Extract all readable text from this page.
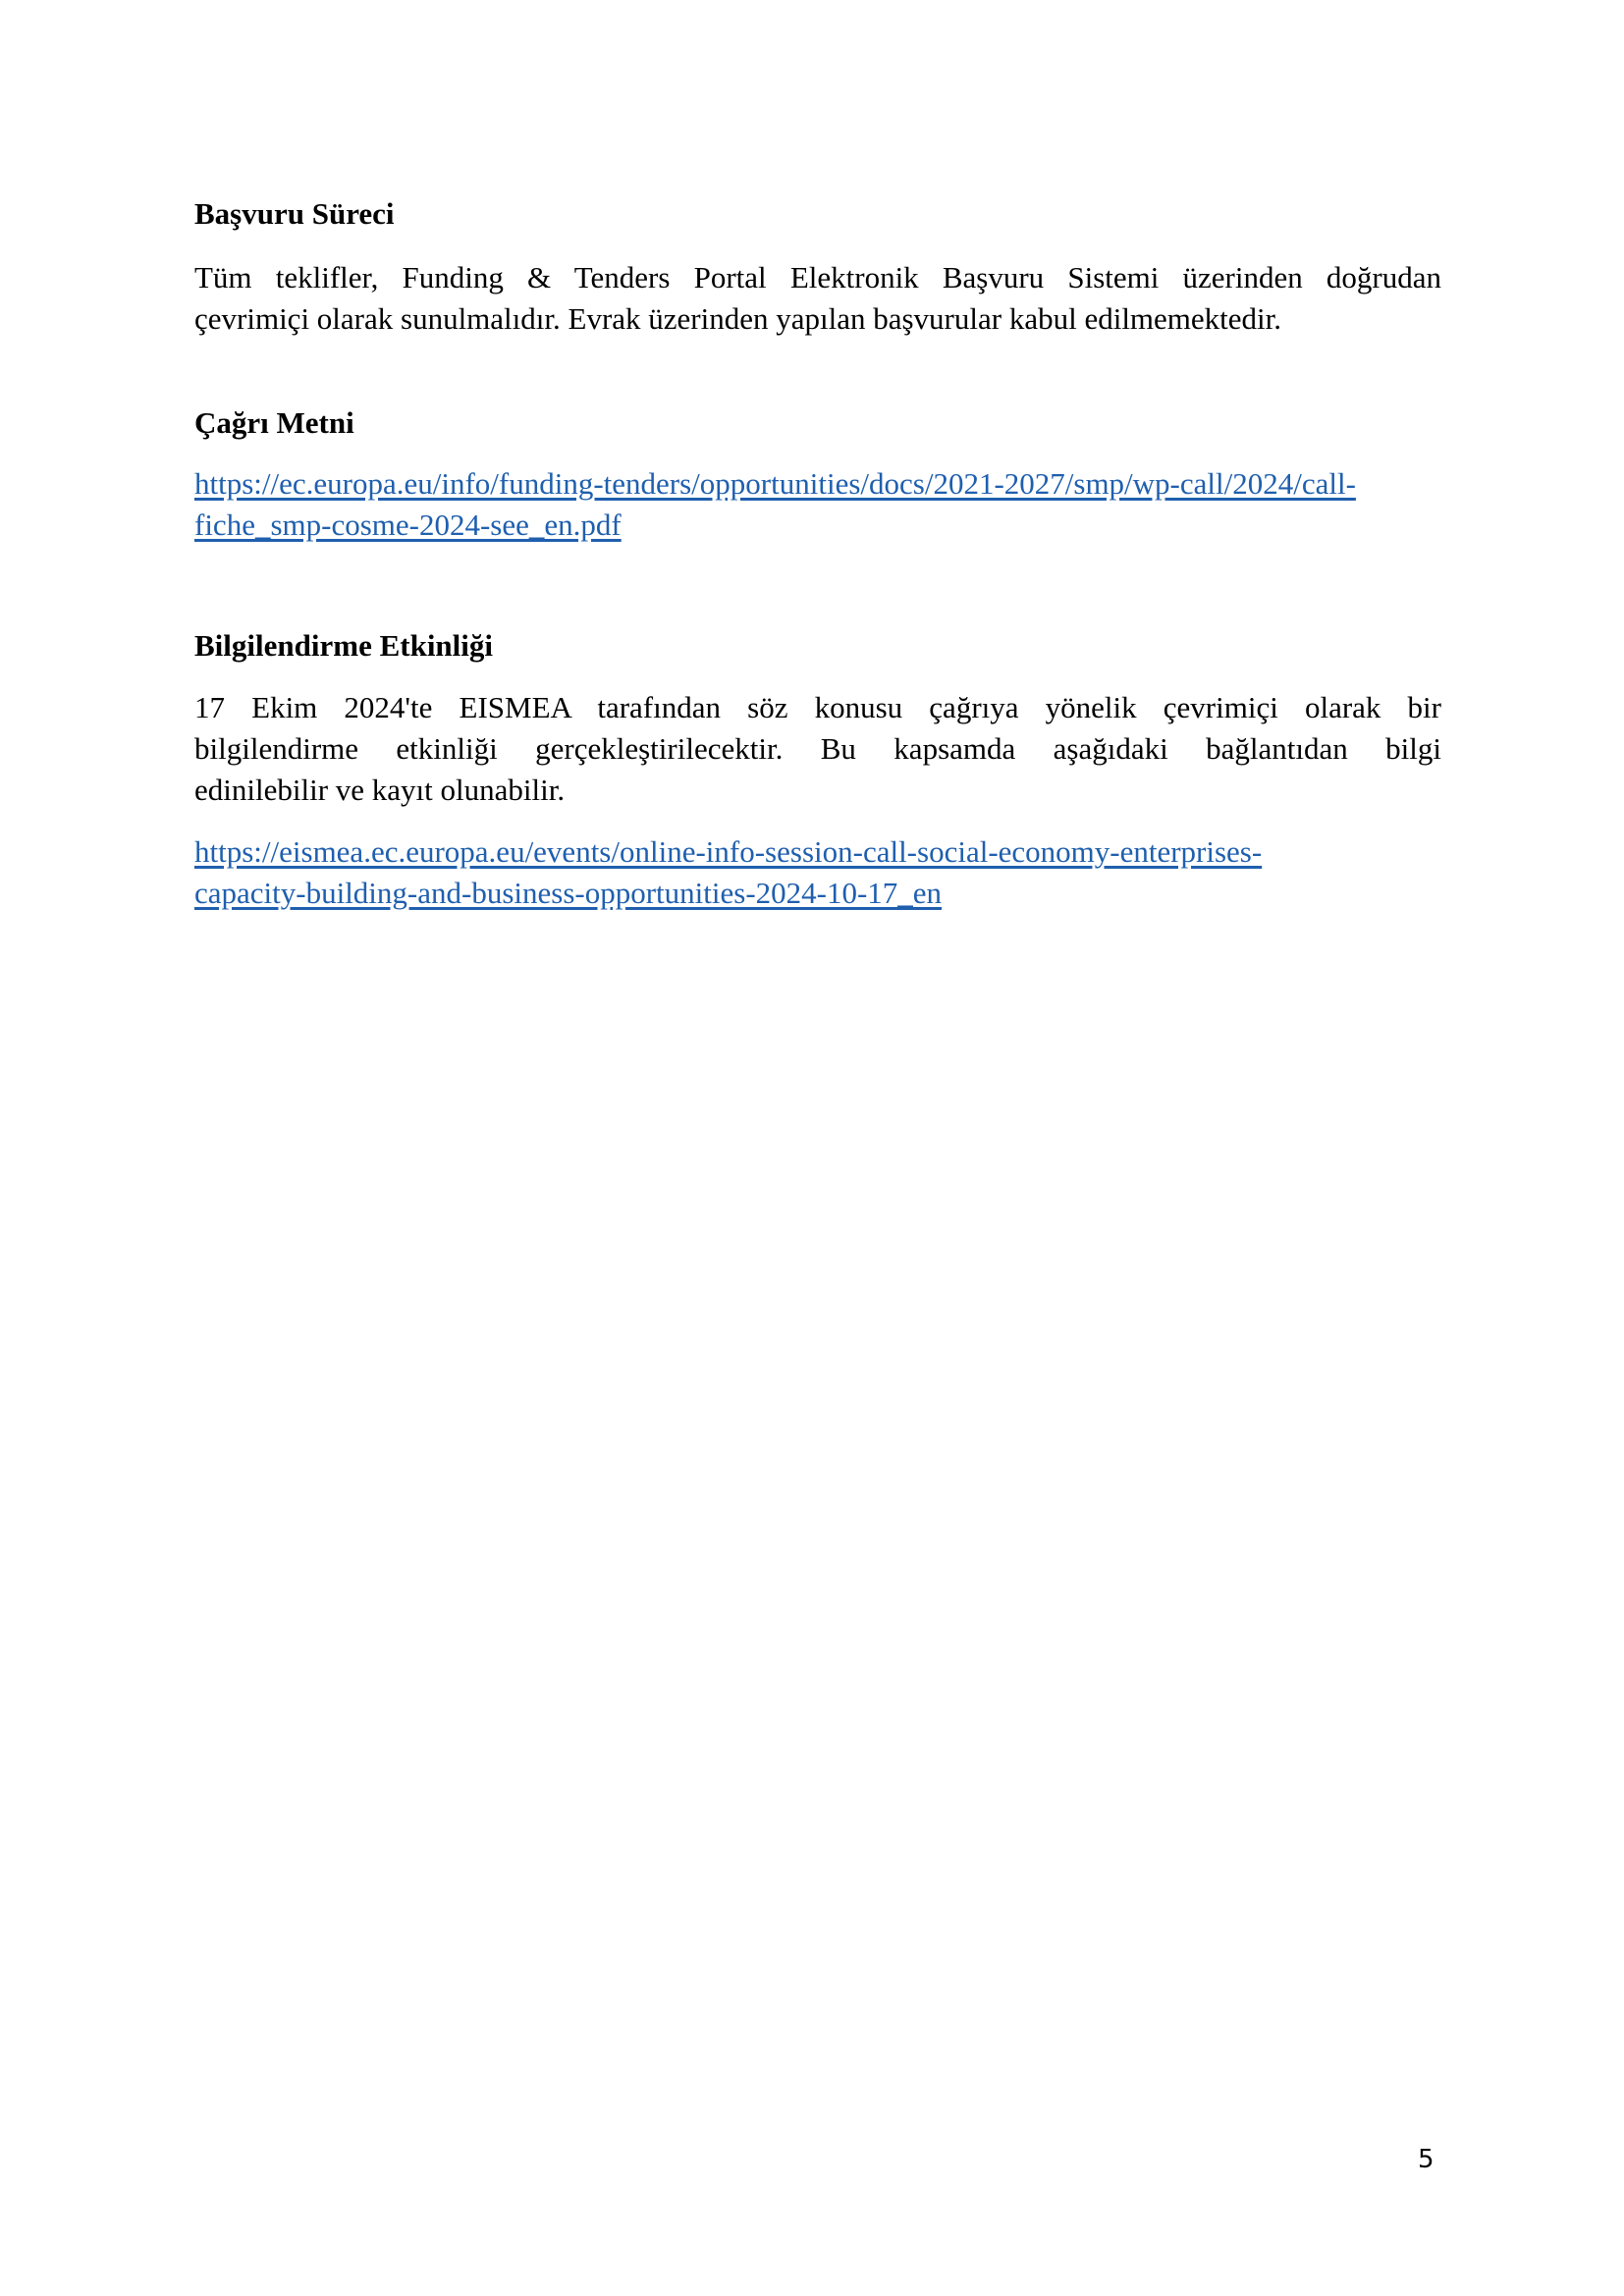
Başvuru Süreci

Tüm teklifler, Funding & Tenders Portal Elektronik Başvuru Sistemi üzerinden doğrudan
çevrimiçi olarak sunulmalıdır. Evrak üzerinden yapılan başvurular kabul edilmemektedir.

Çağrı Metni

https://ec.europa.eu/info/funding-tenders/opportunities/docs/2021-2027/smp/wp-call/2024/call-
fiche_smp-cosme-2024-see_en.pdf

Bilgilendirme Etkinliği

17 Ekim 2024'te EISMEA tarafından söz konusu çağrıya yönelik çevrimiçi olarak bir
bilgilendirme etkinliği gerçekleştirilecektir. Bu kapsamda aşağıdaki bağlantıdan bilgi
edinilebilir ve kayıt olunabilir.

https://eismea.ec.europa.eu/events/online-info-session-call-social-economy-enterprises-
capacity-building-and-business-opportunities-2024-10-17_en
5
